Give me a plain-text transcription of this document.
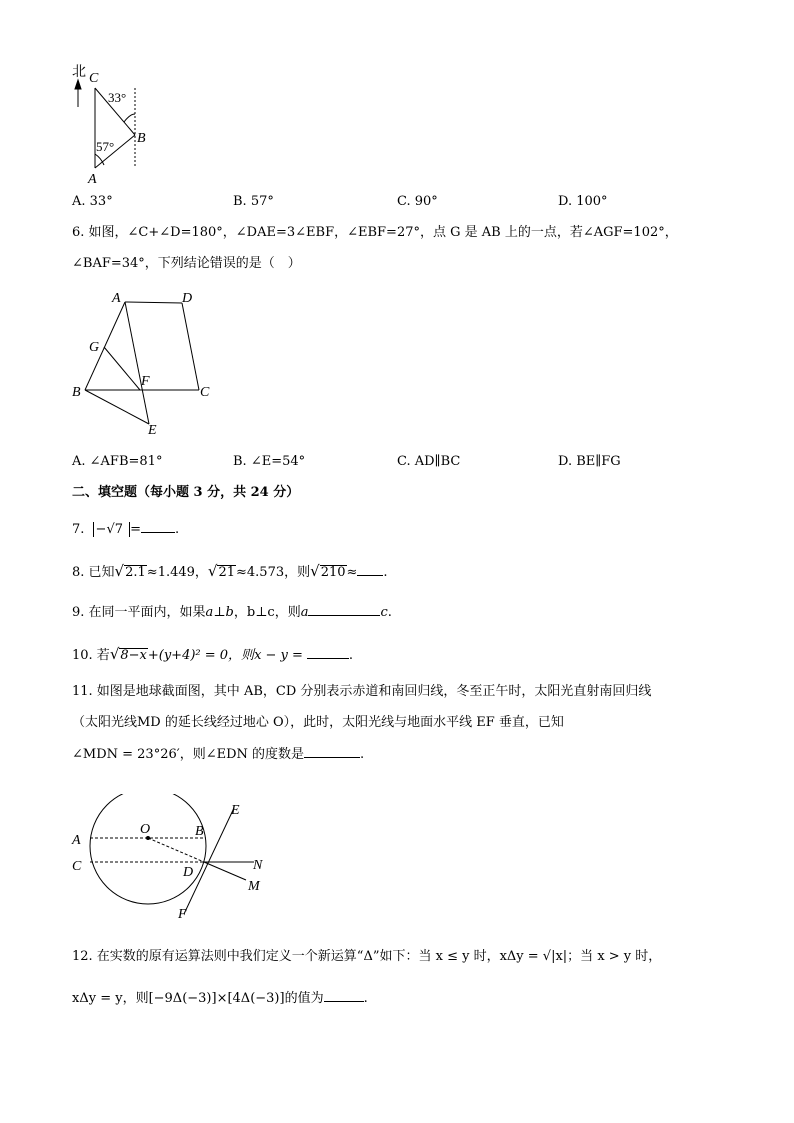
北 C
33°
B
57°
A
A. 33°	B. 57°	C. 90°	D. 100°
6. 如图，∠C+∠D=180°，∠DAE=3∠EBF，∠EBF=27°，点 G 是 AB 上的一点，若∠AGF=102°，
∠BAF=34°，下列结论错误的是（　）
A	D
G
B
F
C
E
A. ∠AFB=81°	B. ∠E=54°	C. AD∥BC	D. BE∥FG
二、填空题（每小题 3 分，共 24 分）
7. −√7 =	.
8. 已知√2.1≈1.449，√21≈4.573，则√210≈ .
9. 在同一平面内，如果a⊥b，b⊥c，则a	c.
10. 若√8−x+(y+4)² = 0，则x − y =	.
11. 如图是地球截面图，其中 AB，CD 分别表示赤道和南回归线，冬至正午时，太阳光直射南回归线
（太阳光线MD 的延长线经过地心 O），此时，太阳光线与地面水平线 EF 垂直，已知
∠MDN = 23°26′，则∠EDN 的度数是	.
A
O	B
E
C	D	N
M
F
12. 在实数的原有运算法则中我们定义一个新运算“Δ”如下：当 x ≤ y 时，xΔy = √|x|；当 x > y 时，
xΔy = y，则[−9Δ(−3)]×[4Δ(−3)]的值为	.
